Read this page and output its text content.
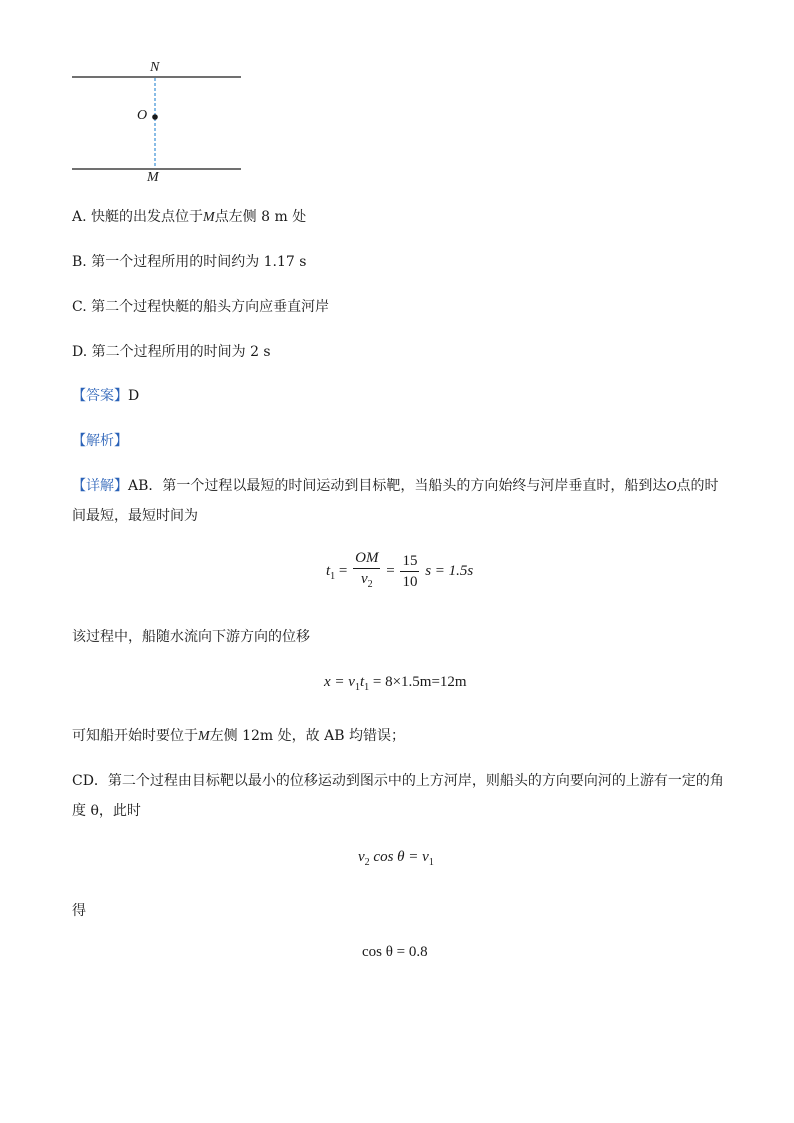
N
O
M
A. 快艇的出发点位于M点左侧 8 m 处
B. 第一个过程所用的时间约为 1.17 s
C. 第二个过程快艇的船头方向应垂直河岸
D. 第二个过程所用的时间为 2 s
【答案】D
【解析】
【详解】AB．第一个过程以最短的时间运动到目标靶，当船头的方向始终与河岸垂直时，船到达O点的时
间最短，最短时间为
$t_1 = \frac{OM}{v_2} = \frac{15}{10}$ s = 1.5s
该过程中，船随水流向下游方向的位移
$x = v_1t_1 = 8\times 1.5m=12m$
可知船开始时要位于M左侧 12m 处，故 AB 均错误；
CD．第二个过程由目标靶以最小的位移运动到图示中的上方河岸，则船头的方向要向河的上游有一定的角
度 θ，此时
$v_2$ $\cos \theta = v_1$
得
cos θ = 0.8
